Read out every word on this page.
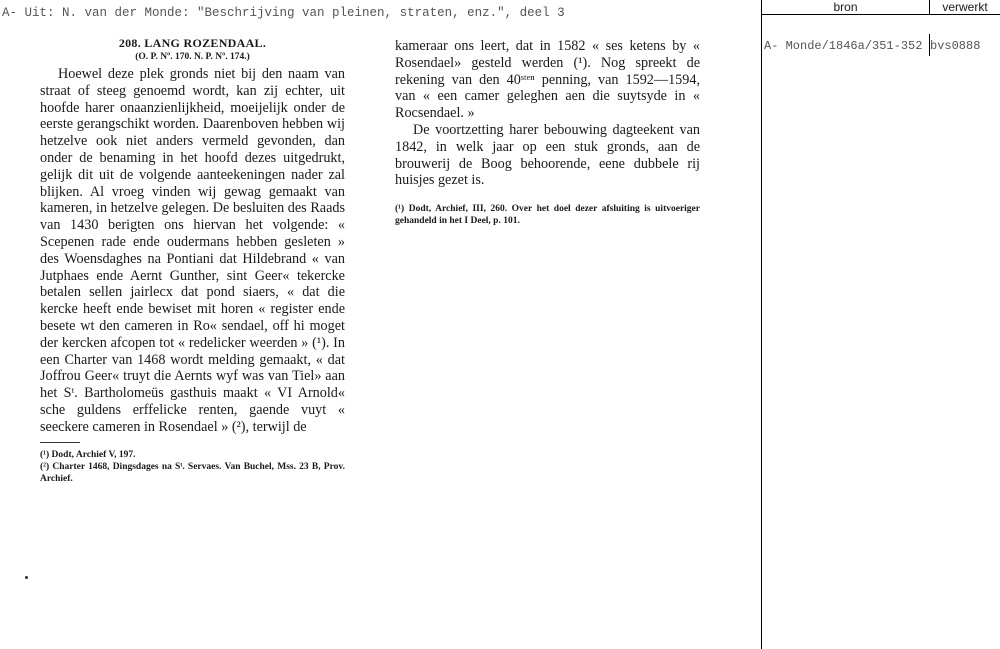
A- Uit: N. van der Monde: "Beschrijving van pleinen, straten, enz.", deel 3	bron	verwerkt
A- Monde/1846a/351-352 bvs0888
208. LANG ROZENDAAL.
(O. P. Nº. 170. N. P. Nº. 174.)

Hoewel deze plek gronds niet bij den naam van straat of steeg genoemd wordt, kan zij echter, uit hoofde harer onaanzienlijkheid, moeijelijk onder de eerste gerangschikt worden. Daarenboven hebben wij hetzelve ook niet anders vermeld gevonden, dan onder de benaming in het hoofd dezes uitgedrukt, gelijk dit uit de volgende aanteekeningen nader zal blijken. Al vroeg vinden wij gewag gemaakt van kameren, in hetzelve gelegen. De besluiten des Raads van 1430 berigten ons hiervan het volgende: « Scepenen rade ende oudermans hebben gesleten » des Woensdaghes na Pontiani dat Hildebrand « van Jutphaes ende Aernt Gunther, sint Geer« tekercke betalen sellen jairlecx dat pond siaers, « dat die kercke heeft ende bewiset mit horen « register ende besete wt den cameren in Ro« sendael, off hi moget der kercken afcopen tot « redelicker weerden » (¹). In een Charter van 1468 wordt melding gemaakt, « dat Joffrou Geer« truyt die Aernts wyf was van Tiel» aan het Sᵗ. Bartholomeüs gasthuis maakt « VI Arnold« sche guldens erffelicke renten, gaende vuyt « seeckere cameren in Rosendael » (²), terwijl de

(¹) Dodt, Archief V, 197.

(²) Charter 1468, Dingsdages na Sᵗ. Servaes. Van Buchel, Mss. 23 B, Prov. Archief.

kameraar ons leert, dat in 1582 « ses ketens by « Rosendael» gesteld werden (¹). Nog spreekt de rekening van den 40ˢᵗᵉⁿ penning, van 1592—1594, van « een camer geleghen aen die suytsyde in « Rocsendael. »

De voortzetting harer bebouwing dagteekent van 1842, in welk jaar op een stuk gronds, aan de brouwerij de Boog behoorende, eene dubbele rij huisjes gezet is.

(¹) Dodt, Archief, III, 260. Over het doel dezer afsluiting is uitvoeriger gehandeld in het I Deel, p. 101.
